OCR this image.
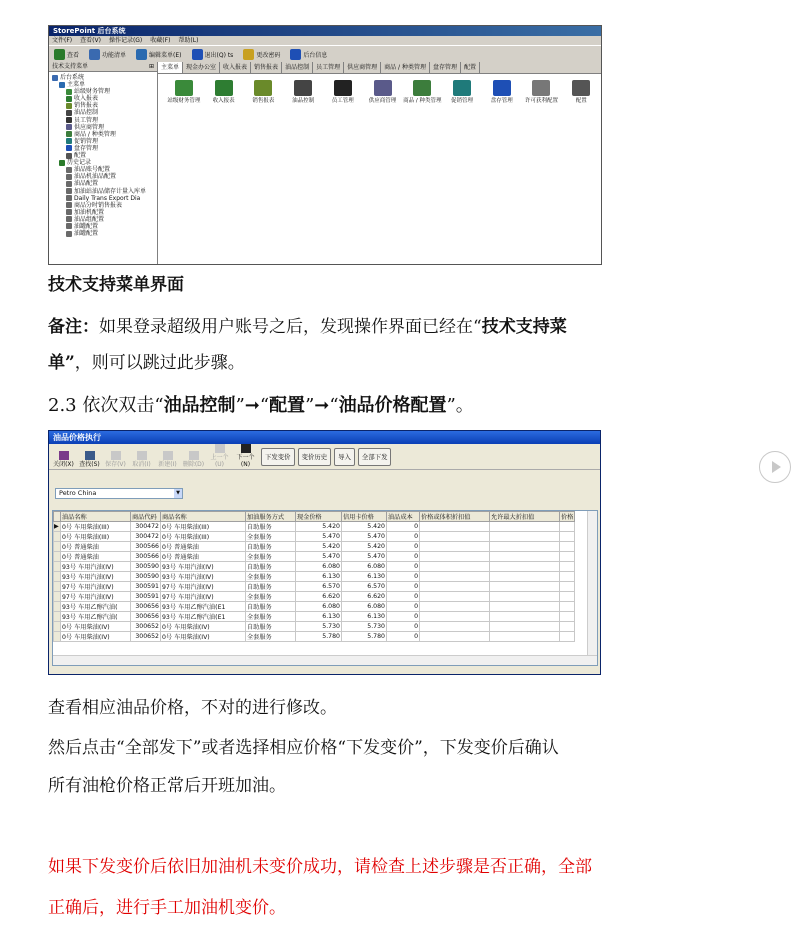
StorePoint 后台系统
文件(F) 查看(V) 操作记录(G) 收藏(F) 帮助(L)
查看	功能清单	编辑菜单(E)	退出(Q) ts	更改密码	后台信息
技术支持菜单	⊞
后台系统
主菜单
站级财务管理
收入报表
销售报表
油品控制
员工管理
供应商管理
商品 / 种类管理
促销管理
盘存管理
配置
历史记录
油品账号配置
油品机油品配置
油品配置
加油站油品储存计量入库单
Daily Trans Export Dia
商品分时销售报表
加油机配置
油品组配置
油罐配置
油罐配置
主菜单	现金办公室	收入报表	销售报表	油品控制	员工管理	供应商管理	商品 / 种类管理	盘存管理	配置
站级财务管理	收入报表	销售报表	油品控制	员工管理	供应商管理	商品 / 种类管理	促销管理	盘存管理	许可获利配置	配置
技术支持菜单界面
备注：如果登录超级用户账号之后，发现操作界面已经在“技术支持菜
单”，则可以跳过此步骤。
2.3 依次双击“油品控制”➞“配置”➞“油品价格配置”。
油品价格执行
关闭(X) 查找(S) 保存(V)	取消(I)	新建(I)	删除(D)
上一个(U)
下一个(N)
下发变价	变价历史	导入	全部下发
Petro China	▼
	油品名称	商品代码	商品名称	加油服务方式	现金价格	信用卡价格	油品成本	价格或体积折扣值	允许最大折扣值	价格
▶	0号 车用柴油(III)	300472	0号 车用柴油(III)	自助服务	5.420	5.420	0			
	0号 车用柴油(III)	300472	0号 车用柴油(III)	全套服务	5.470	5.470	0			
	0号 普通柴油	300566	0号 普通柴油	自助服务	5.420	5.420	0			
	0号 普通柴油	300566	0号 普通柴油	全套服务	5.470	5.470	0			
	93号 车用汽油(IV)	300590	93号 车用汽油(IV)	自助服务	6.080	6.080	0			
	93号 车用汽油(IV)	300590	93号 车用汽油(IV)	全套服务	6.130	6.130	0			
	97号 车用汽油(IV)	300591	97号 车用汽油(IV)	自助服务	6.570	6.570	0			
	97号 车用汽油(IV)	300591	97号 车用汽油(IV)	全套服务	6.620	6.620	0			
	93号 车用乙醇汽油(	300656	93号 车用乙醇汽油(E1	自助服务	6.080	6.080	0			
	93号 车用乙醇汽油(	300656	93号 车用乙醇汽油(E1	全套服务	6.130	6.130	0			
	0号 车用柴油(IV)	300652	0号 车用柴油(IV)	自助服务	5.730	5.730	0			
	0号 车用柴油(IV)	300652	0号 车用柴油(IV)	全套服务	5.780	5.780	0			
查看相应油品价格，不对的进行修改。
然后点击“全部发下”或者选择相应价格“下发变价”，下发变价后确认
所有油枪价格正常后开班加油。
如果下发变价后依旧加油机未变价成功，请检查上述步骤是否正确，全部
正确后，进行手工加油机变价。
